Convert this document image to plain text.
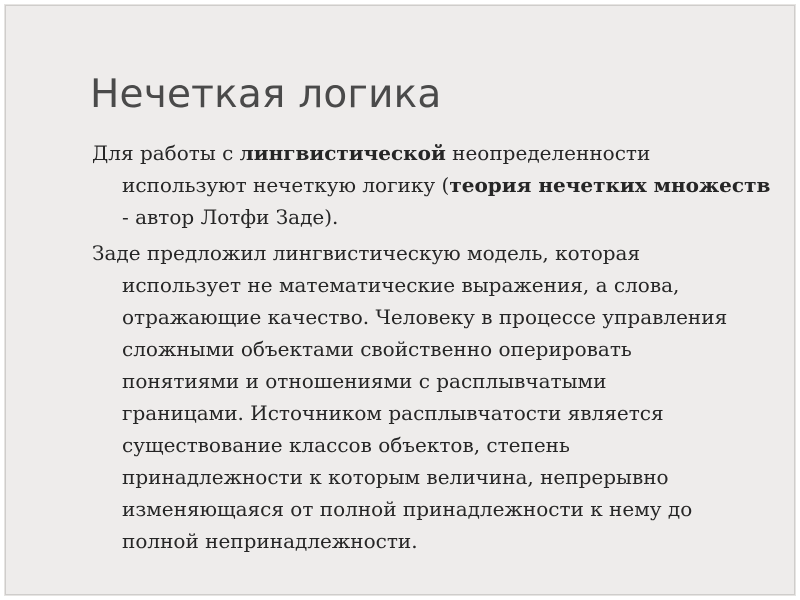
Нечеткая логика

Для работы с лингвистической неопределенности используют нечеткую логику (теория нечетких множеств - автор Лотфи Заде).

Заде предложил лингвистическую модель, которая
использует не математические выражения, а слова,
отражающие качество. Человеку в процессе управления
сложными объектами свойственно оперировать
понятиями и отношениями с расплывчатыми
границами. Источником расплывчатости является
существование классов объектов, степень
принадлежности к которым величина, непрерывно
изменяющаяся от полной принадлежности к нему до
полной непринадлежности.
